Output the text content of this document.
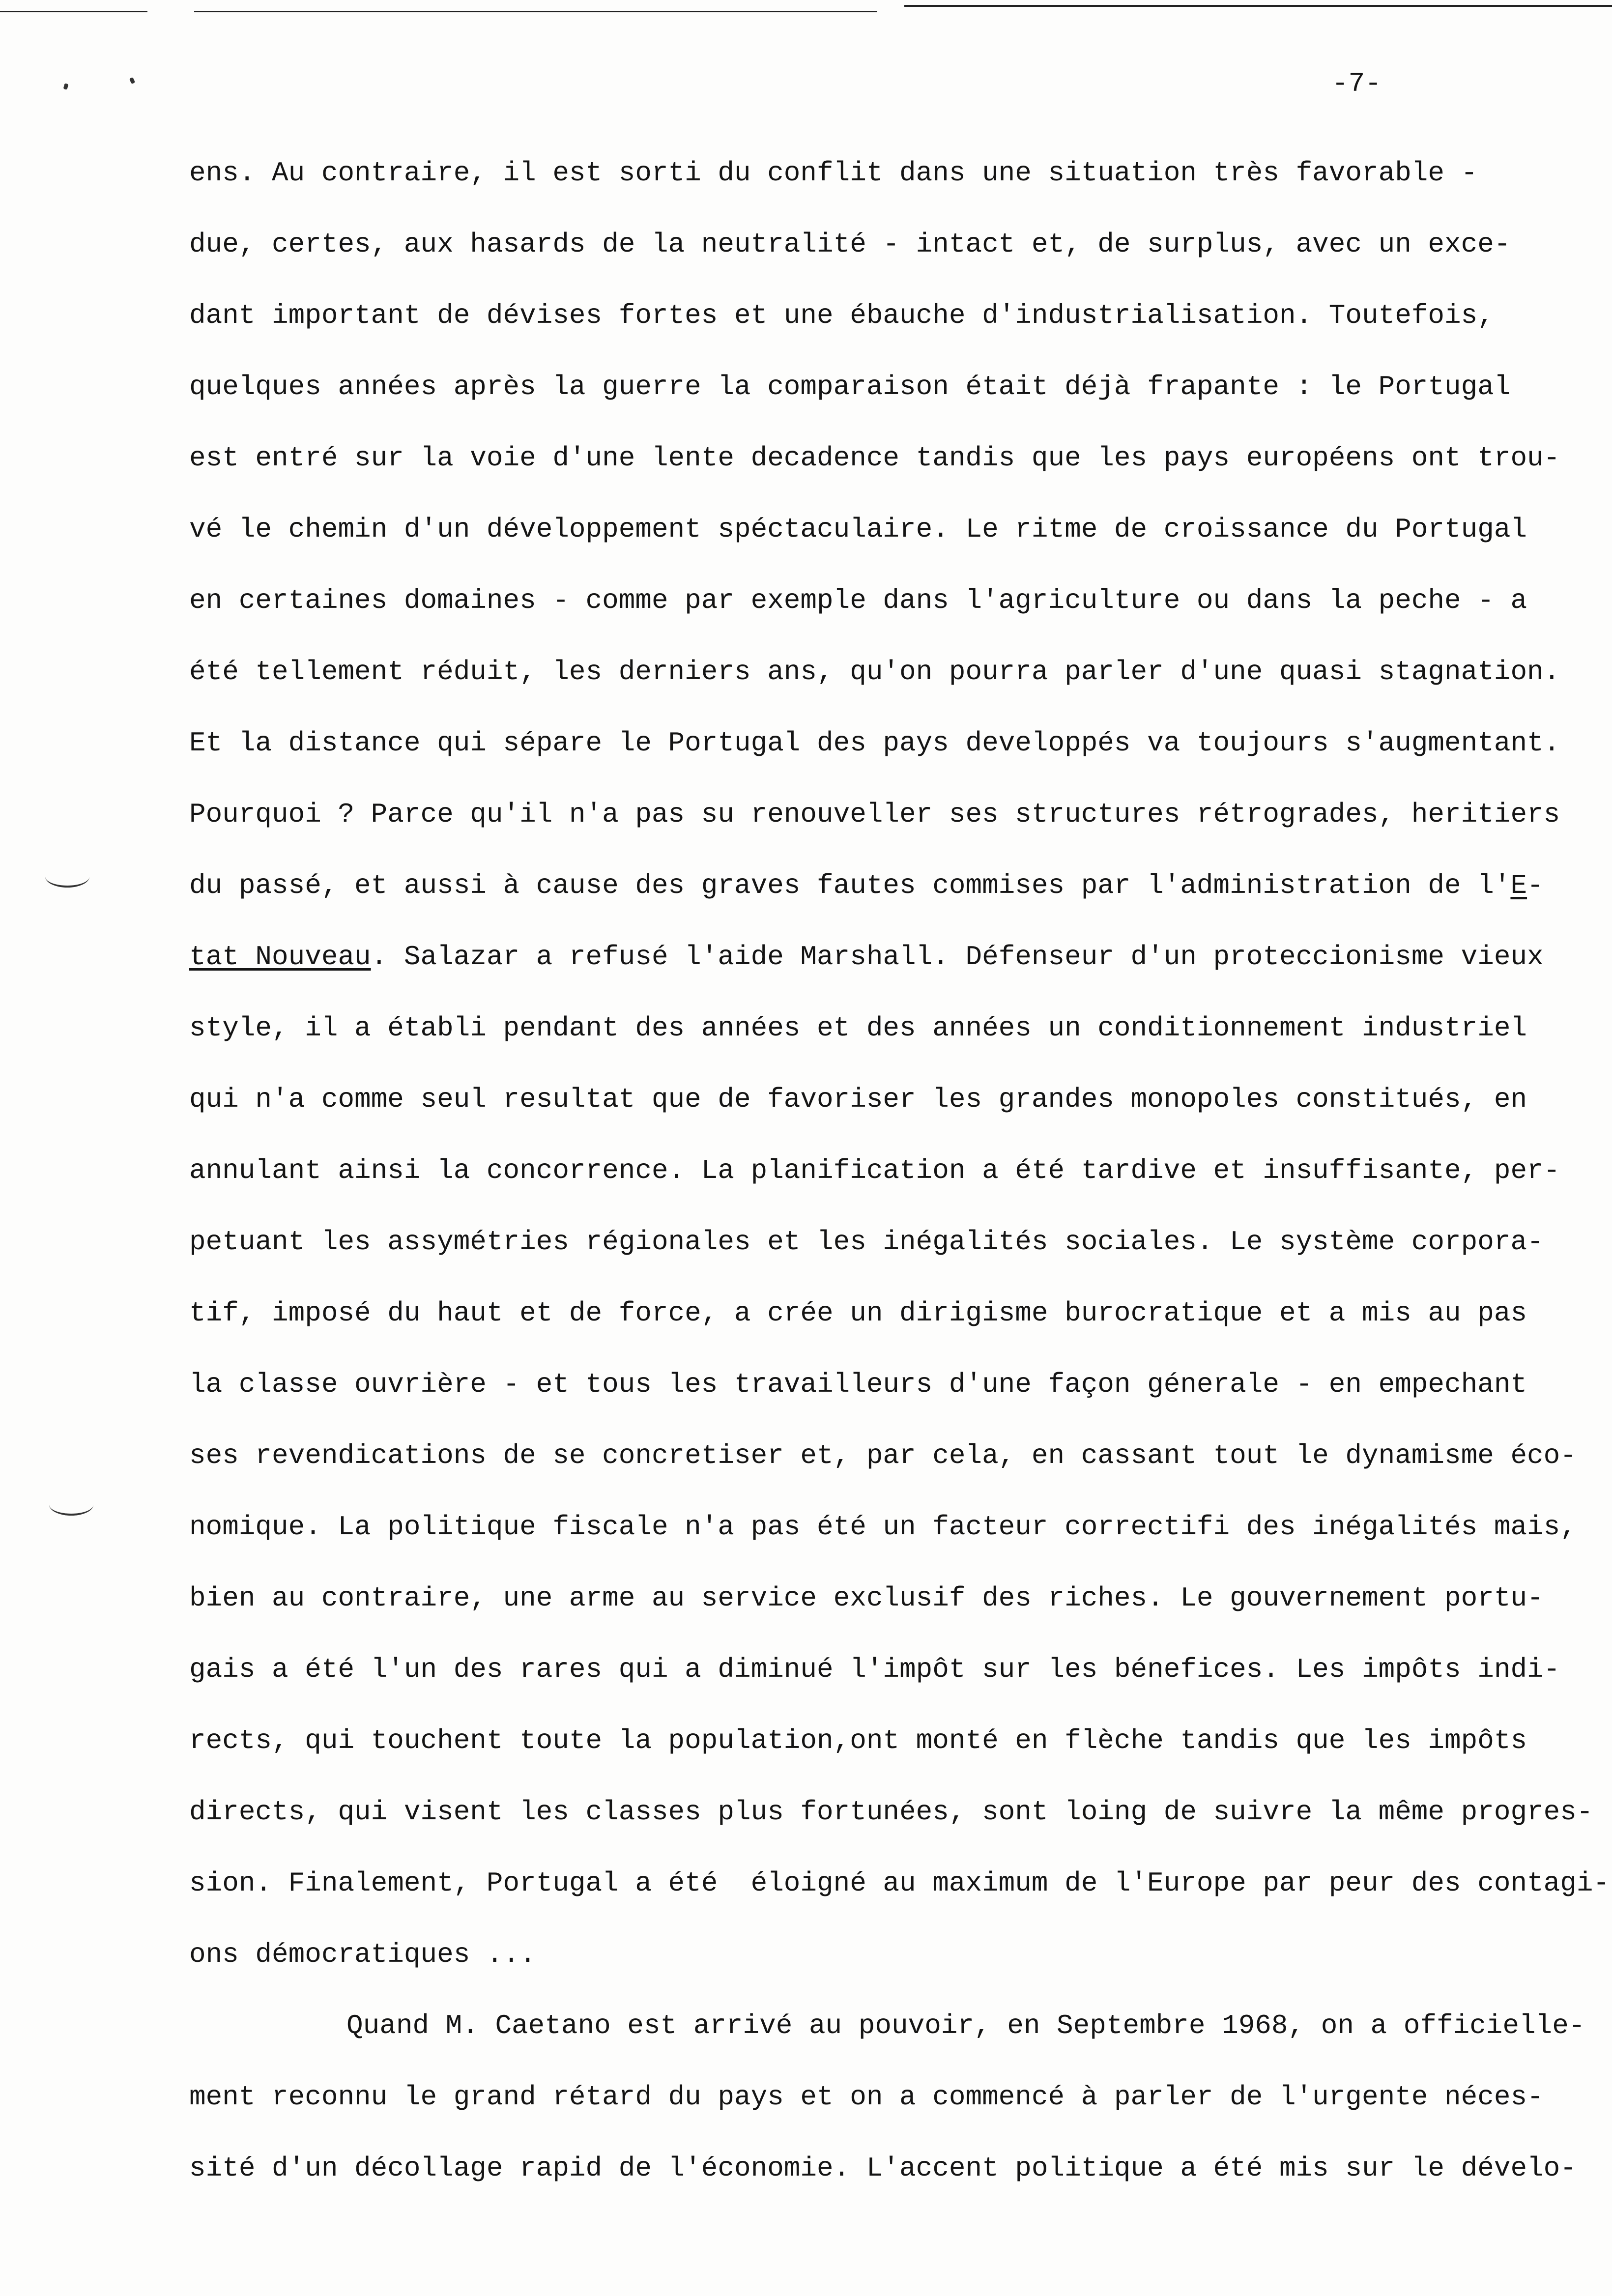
-7-
ens. Au contraire, il est sorti du conflit dans une situation très favorable -
due, certes, aux hasards de la neutralité - intact et, de surplus, avec un exce-
dant important de dévises fortes et une ébauche d'industrialisation. Toutefois,
quelques années après la guerre la comparaison était déjà frapante : le Portugal
est entré sur la voie d'une lente decadence tandis que les pays européens ont trou-
vé le chemin d'un développement spéctaculaire. Le ritme de croissance du Portugal
en certaines domaines - comme par exemple dans l'agriculture ou dans la peche - a
été tellement réduit, les derniers ans, qu'on pourra parler d'une quasi stagnation.
Et la distance qui sépare le Portugal des pays developpés va toujours s'augmentant.
Pourquoi ? Parce qu'il n'a pas su renouveller ses structures rétrogrades, heritiers
du passé, et aussi à cause des graves fautes commises par l'administration de l'E-
tat Nouveau. Salazar a refusé l'aide Marshall. Défenseur d'un proteccionisme vieux
style, il a établi pendant des années et des années un conditionnement industriel
qui n'a comme seul resultat que de favoriser les grandes monopoles constitués, en
annulant ainsi la concorrence. La planification a été tardive et insuffisante, per-
petuant les assymétries régionales et les inégalités sociales. Le système corpora-
tif, imposé du haut et de force, a crée un dirigisme burocratique et a mis au pas
la classe ouvrière - et tous les travailleurs d'une façon génerale - en empechant
ses revendications de se concretiser et, par cela, en cassant tout le dynamisme éco-
nomique. La politique fiscale n'a pas été un facteur correctifi des inégalités mais,
bien au contraire, une arme au service exclusif des riches. Le gouvernement portu-
gais a été l'un des rares qui a diminué l'impôt sur les bénefices. Les impôts indi-
rects, qui touchent toute la population,ont monté en flèche tandis que les impôts
directs, qui visent les classes plus fortunées, sont loing de suivre la même progres-
sion. Finalement, Portugal a été  éloigné au maximum de l'Europe par peur des contagi-
ons démocratiques ...
Quand M. Caetano est arrivé au pouvoir, en Septembre 1968, on a officielle-
ment reconnu le grand rétard du pays et on a commencé à parler de l'urgente néces-
sité d'un décollage rapid de l'économie. L'accent politique a été mis sur le dévelo-
